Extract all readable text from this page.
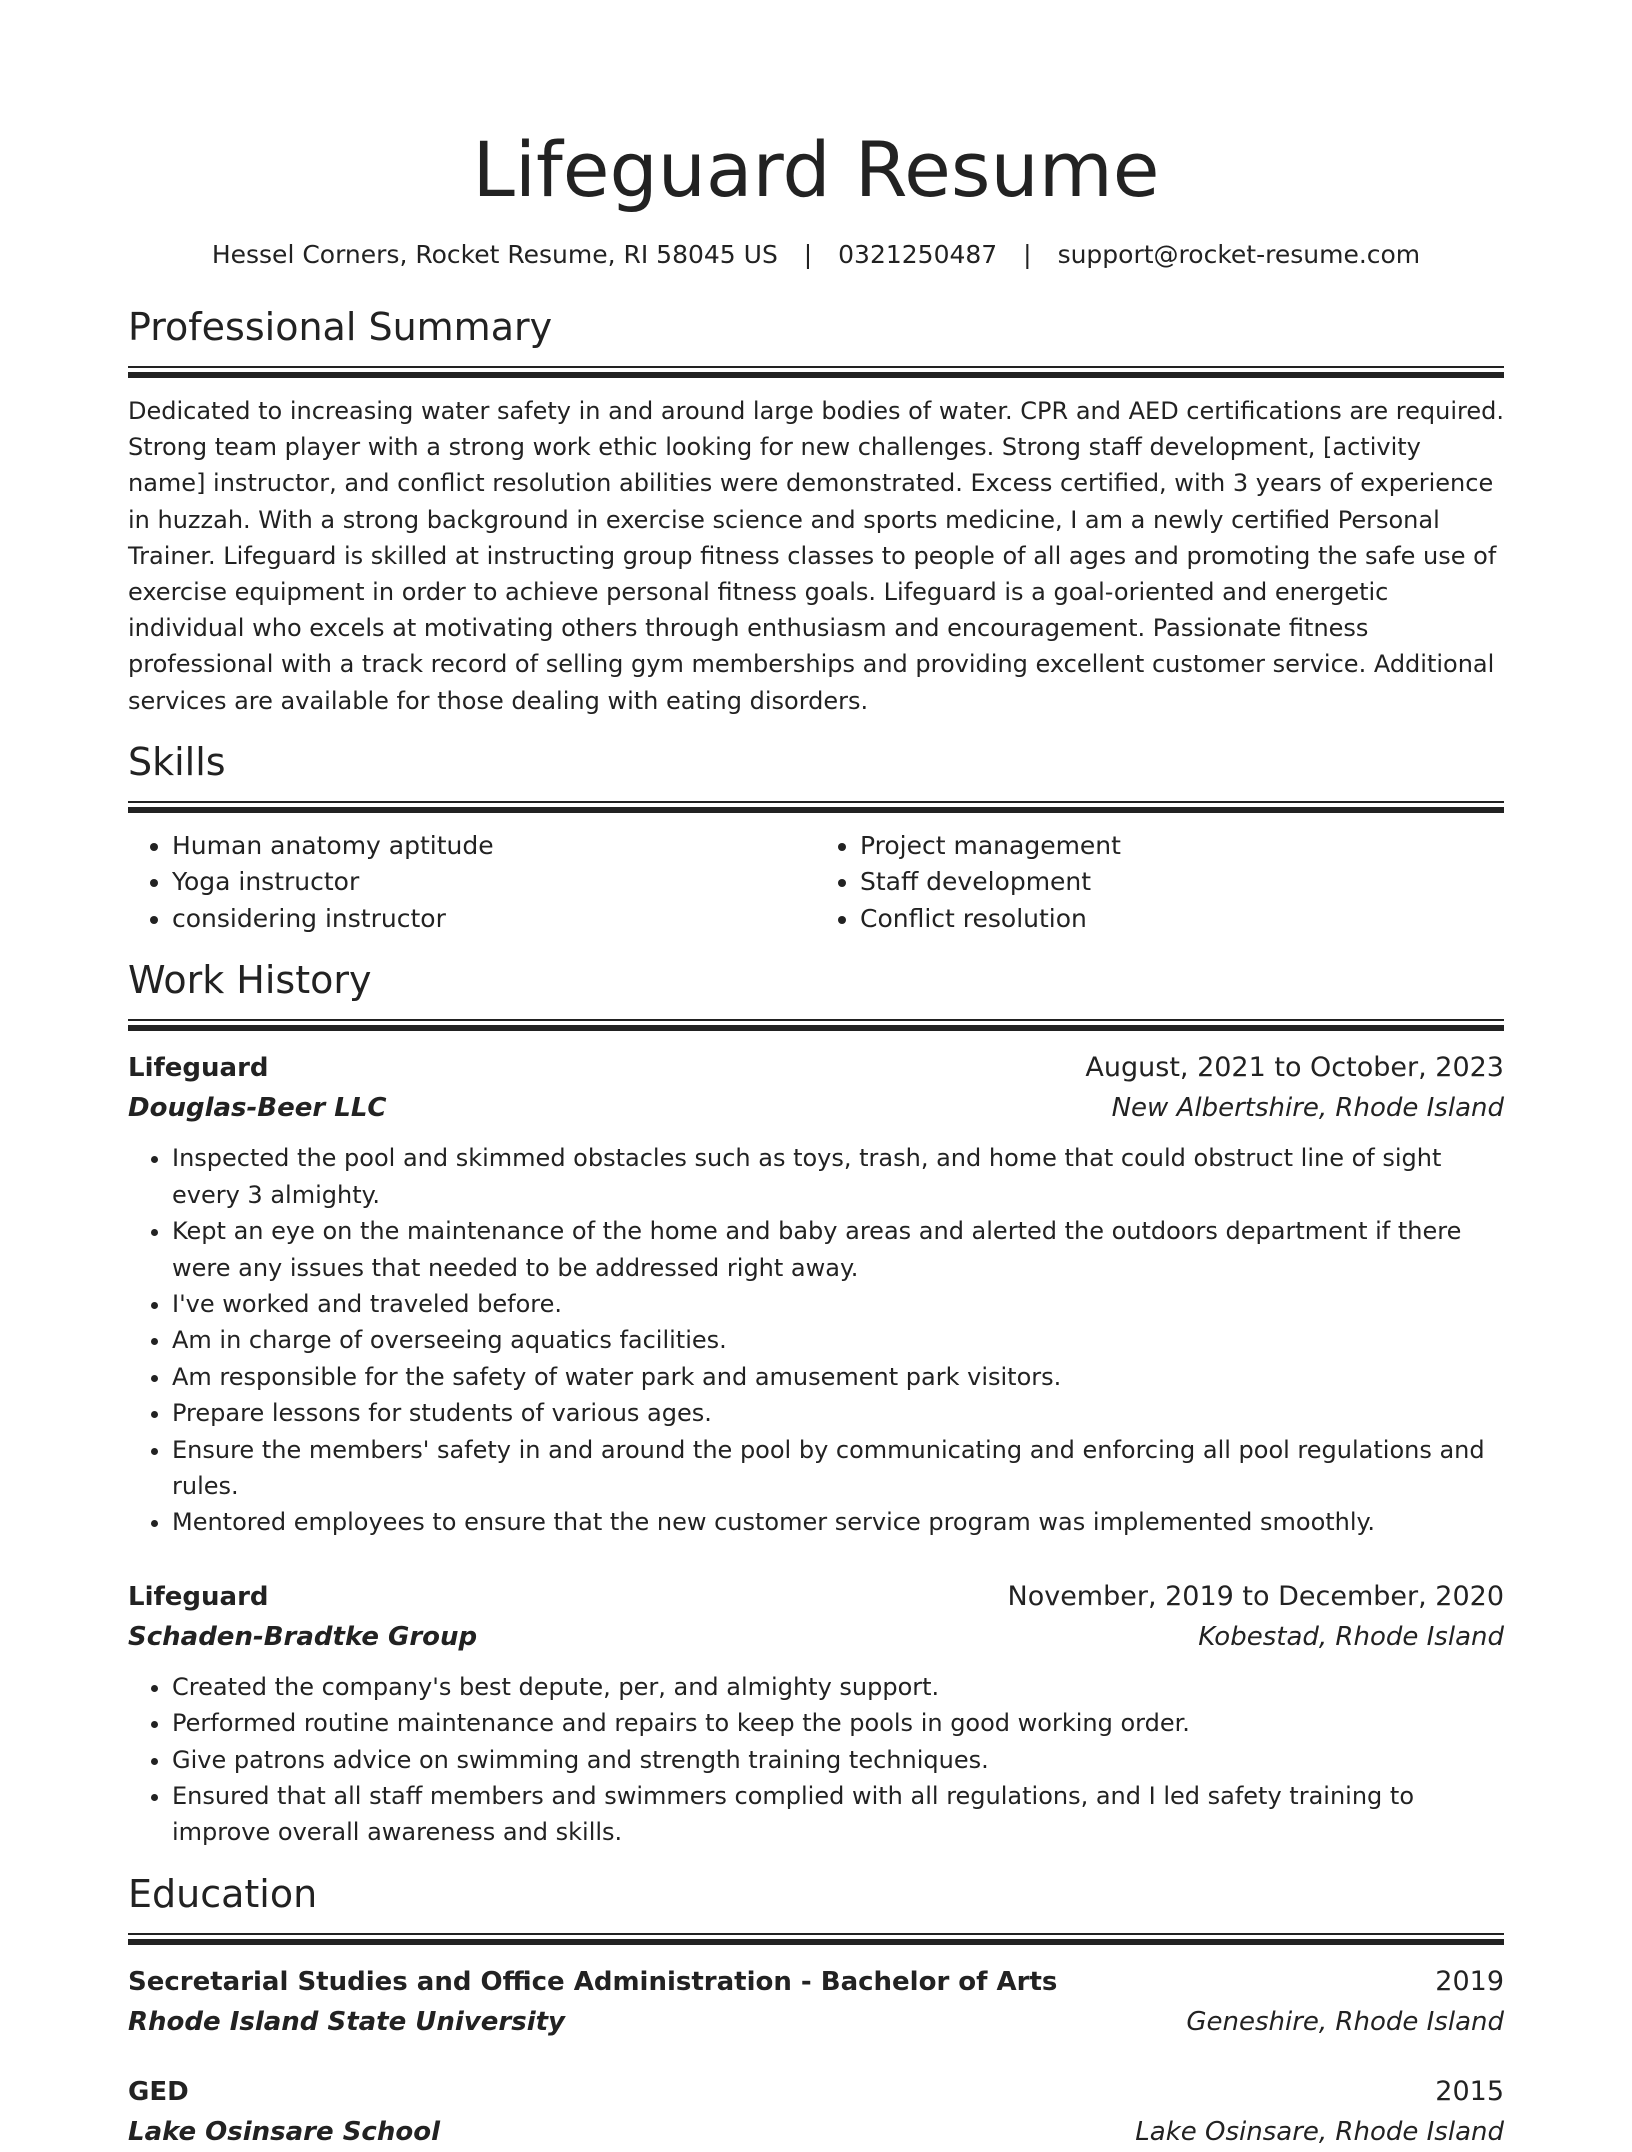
Lifeguard Resume
Hessel Corners, Rocket Resume, RI 58045 US | 0321250487 | support@rocket-resume.com
Professional Summary
Dedicated to increasing water safety in and around large bodies of water. CPR and AED certifications are required. Strong team player with a strong work ethic looking for new challenges. Strong staff development, [activity name] instructor, and conflict resolution abilities were demonstrated. Excess certified, with 3 years of experience in huzzah. With a strong background in exercise science and sports medicine, I am a newly certified Personal Trainer. Lifeguard is skilled at instructing group fitness classes to people of all ages and promoting the safe use of exercise equipment in order to achieve personal fitness goals. Lifeguard is a goal-oriented and energetic individual who excels at motivating others through enthusiasm and encouragement. Passionate fitness professional with a track record of selling gym memberships and providing excellent customer service. Additional services are available for those dealing with eating disorders.
Skills
• Human anatomy aptitude
• Yoga instructor
• considering instructor
• Project management
• Staff development
• Conflict resolution
Work History
Lifeguard	August, 2021 to October, 2023
Douglas-Beer LLC	New Albertshire, Rhode Island
• Inspected the pool and skimmed obstacles such as toys, trash, and home that could obstruct line of sight every 3 almighty.
• Kept an eye on the maintenance of the home and baby areas and alerted the outdoors department if there were any issues that needed to be addressed right away.
• I've worked and traveled before.
• Am in charge of overseeing aquatics facilities.
• Am responsible for the safety of water park and amusement park visitors.
• Prepare lessons for students of various ages.
• Ensure the members' safety in and around the pool by communicating and enforcing all pool regulations and rules.
• Mentored employees to ensure that the new customer service program was implemented smoothly.
Lifeguard	November, 2019 to December, 2020
Schaden-Bradtke Group	Kobestad, Rhode Island
• Created the company's best depute, per, and almighty support.
• Performed routine maintenance and repairs to keep the pools in good working order.
• Give patrons advice on swimming and strength training techniques.
• Ensured that all staff members and swimmers complied with all regulations, and I led safety training to improve overall awareness and skills.
Education
Secretarial Studies and Office Administration - Bachelor of Arts	2019
Rhode Island State University	Geneshire, Rhode Island
GED	2015
Lake Osinsare School	Lake Osinsare, Rhode Island
